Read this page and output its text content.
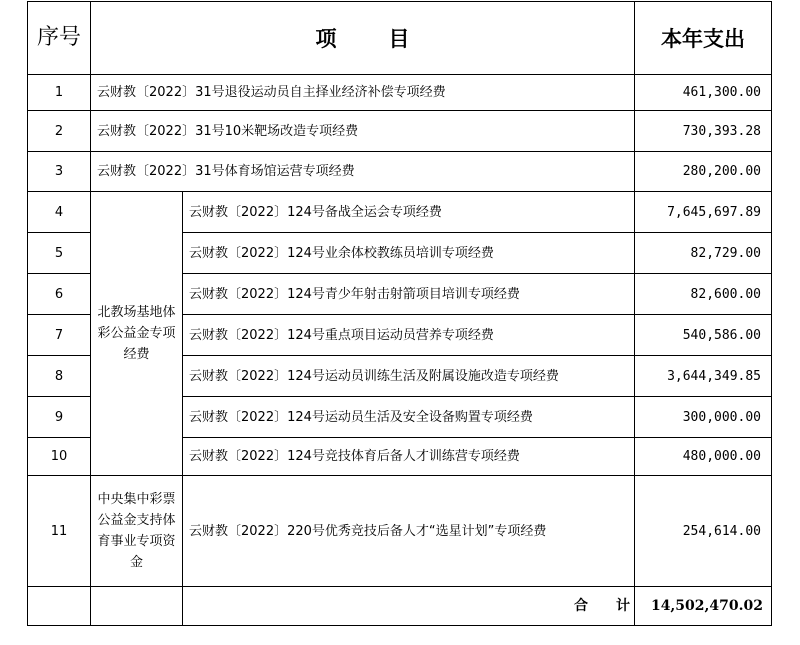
序号	项 目		本年支出
1	云财教〔2022〕31号退役运动员自主择业经济补偿专项经费		461,300.00
2	云财教〔2022〕31号10米靶场改造专项经费		730,393.28
3	云财教〔2022〕31号体育场馆运营专项经费		280,200.00
4	北教场基地体彩公益金专项经费	云财教〔2022〕124号备战全运会专项经费	7,645,697.89
5		云财教〔2022〕124号业余体校教练员培训专项经费	82,729.00
6		云财教〔2022〕124号青少年射击射箭项目培训专项经费	82,600.00
7		云财教〔2022〕124号重点项目运动员营养专项经费	540,586.00
8		云财教〔2022〕124号运动员训练生活及附属设施改造专项经费	3,644,349.85
9		云财教〔2022〕124号运动员生活及安全设备购置专项经费	300,000.00
10		云财教〔2022〕124号竞技体育后备人才训练营专项经费	480,000.00
11	中央集中彩票公益金支持体育事业专项资金	云财教〔2022〕220号优秀竞技后备人才“选星计划”专项经费	254,614.00
		合 计	14,502,470.02
